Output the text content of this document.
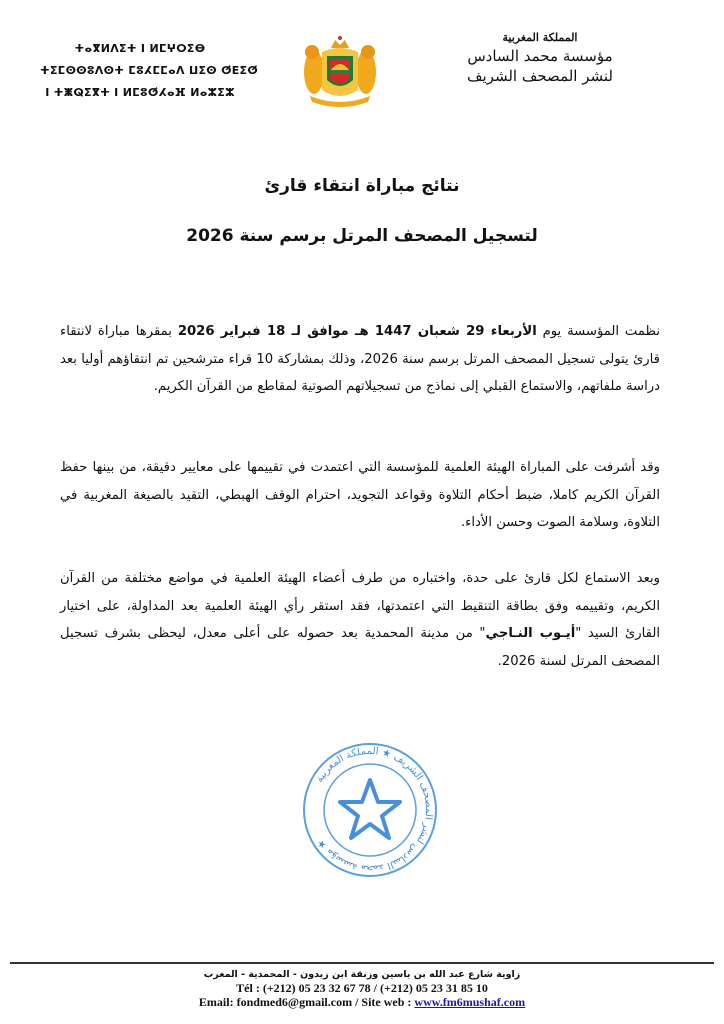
ⵜⴰⴳⵍⴷⵉⵜ ⵏ ⵍⵎⵖⵔⵉⴱ
ⵜⵉⵎⵙⵙⵓⴷⵙⵜ ⵎⵓⵃⵎⵎⴰⴷ ⵡⵉⵙ ⵚⴹⵉⵚ
ⵏ ⵜⵥⵕⵉⴳⵜ ⵏ ⵍⵎⵓⵚⵃⴰⴼ ⵍⴰⵣⵉⵣ
المملكة المغربية
مؤسسة محمد السادس
لنشر المصحف الشريف
نتائج مباراة انتقاء قارئ
لتسجيل المصحف المرتل برسم سنة 2026
نظمت المؤسسة يوم الأربعاء 29 شعبان 1447 هـ موافق لـ 18 فبراير 2026 بمقرها مباراة لانتقاء قارئ يتولى تسجيل المصحف المرتل برسم سنة 2026، وذلك بمشاركة 10 قراء مترشحين تم انتقاؤهم أوليا بعد دراسة ملفاتهم، والاستماع القبلي إلى نماذج من تسجيلاتهم الصوتية لمقاطع من القرآن الكريم.
وقد أشرفت على المباراة الهيئة العلمية للمؤسسة التي اعتمدت في تقييمها على معايير دقيقة، من بينها حفظ القرآن الكريم كاملا، ضبط أحكام التلاوة وقواعد التجويد، احترام الوقف الهبطي، التقيد بالصيغة المغربية في التلاوة، وسلامة الصوت وحسن الأداء.
وبعد الاستماع لكل قارئ على حدة، واختباره من طرف أعضاء الهيئة العلمية في مواضع مختلفة من القرآن الكريم، وتقييمه وفق بطاقة التنقيط التي اعتمدتها، فقد استقر رأي الهيئة العلمية بعد المداولة، على اختيار القارئ السيد "أيـوب النـاجي" من مدينة المحمدية بعد حصوله على أعلى معدل، ليحظى بشرف تسجيل المصحف المرتل لسنة 2026.
مؤسسة محمد السادس لنشر المصحف الشريف ★ المملكة المغربية ★
زاوية شارع عبد الله بن ياسين وزنقة ابن زيدون - المحمدية - المغرب
Tél : (+212) 05 23 32 67 78 / (+212) 05 23 31 85 10
Email: fondmed6@gmail.com / Site web : www.fm6mushaf.com
